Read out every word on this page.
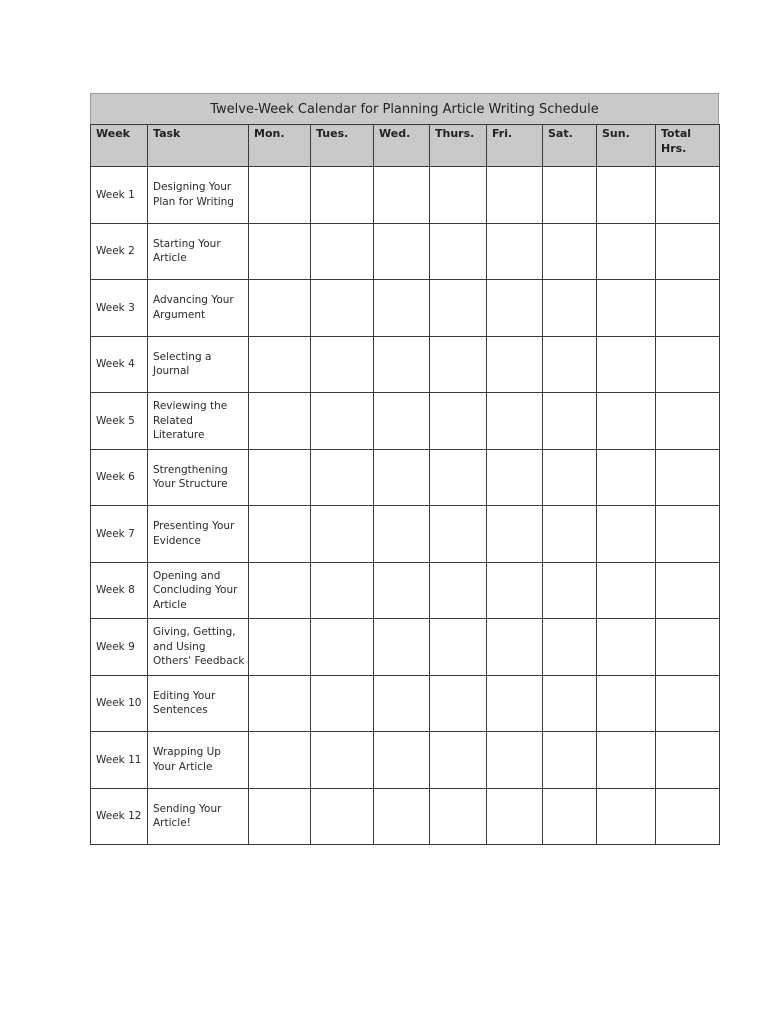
Twelve-Week Calendar for Planning Article Writing Schedule
Week	Task	Mon.	Tues.	Wed.	Thurs.	Fri.	Sat.	Sun.	Total Hrs.

Week 1	Designing Your Plan for Writing								
Week 2	Starting Your Article								
Week 3	Advancing Your Argument								
Week 4	Selecting a Journal								
Week 5	Reviewing the Related Literature								
Week 6	Strengthening Your Structure								
Week 7	Presenting Your Evidence								
Week 8	Opening and Concluding Your Article								
Week 9	Giving, Getting, and Using Others' Feedback								
Week 10	Editing Your Sentences								
Week 11	Wrapping Up Your Article								
Week 12	Sending Your Article!								
